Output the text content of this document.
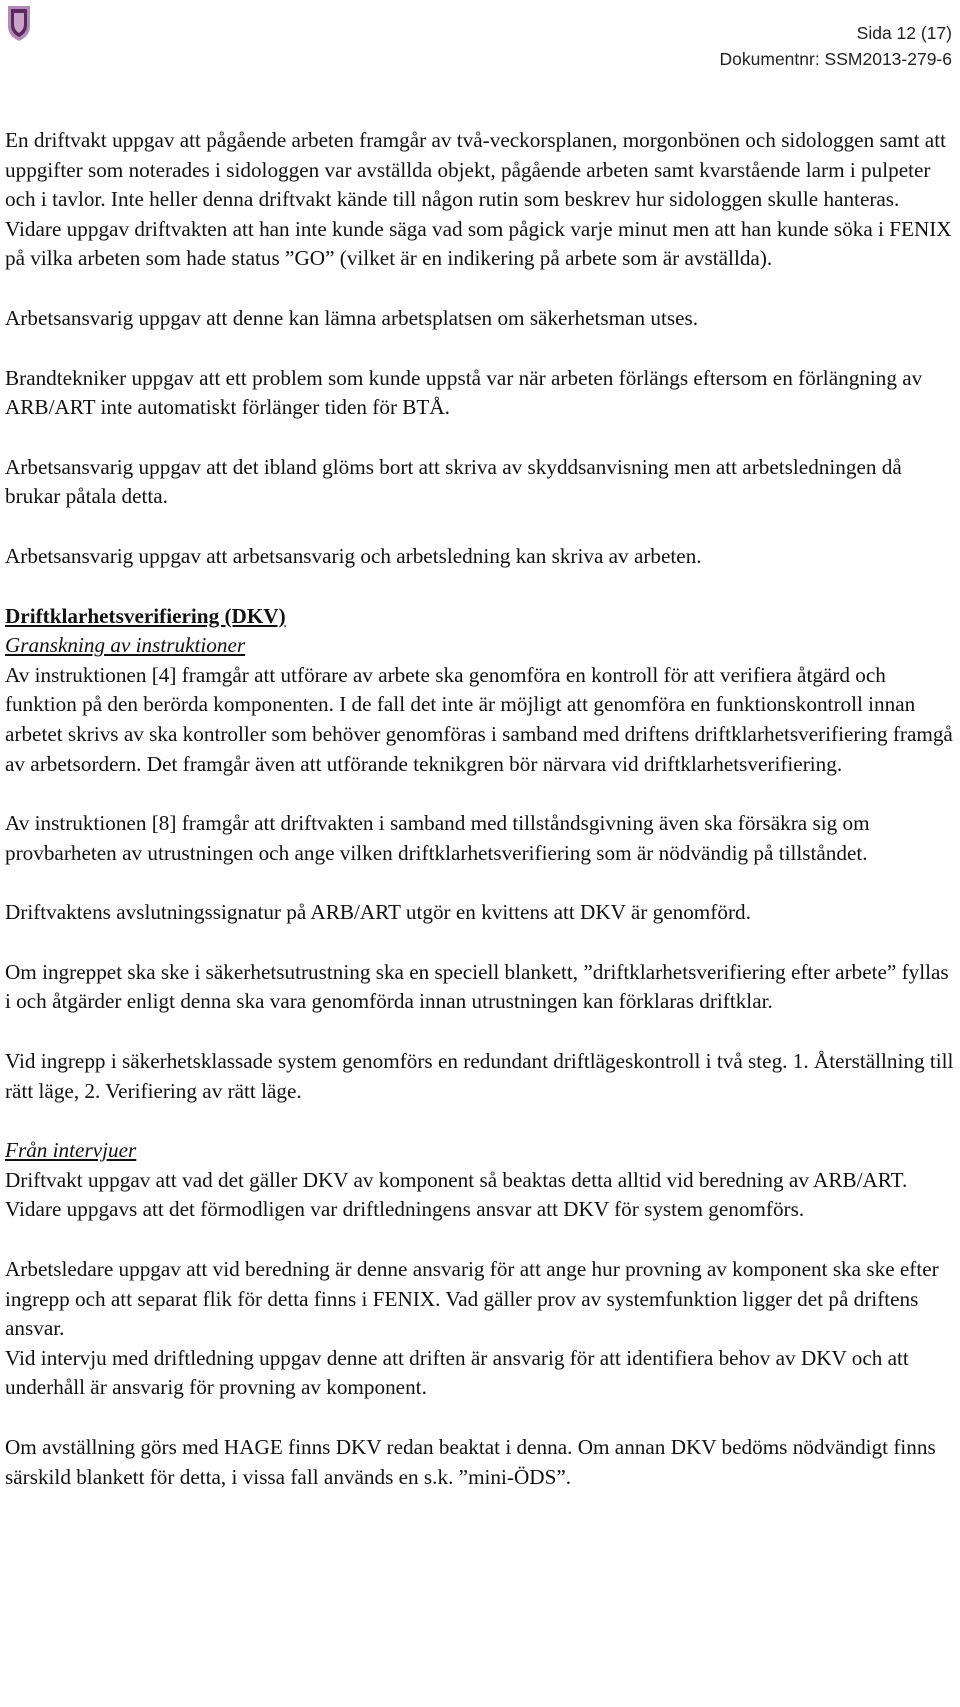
Sida 12 (17)
Dokumentnr: SSM2013-279-6

En driftvakt uppgav att pågående arbeten framgår av två-veckorsplanen, morgonbönen och sidologgen samt att uppgifter som noterades i sidologgen var avställda objekt, pågående arbeten samt kvarstående larm i pulpeter och i tavlor. Inte heller denna driftvakt kände till någon rutin som beskrev hur sidologgen skulle hanteras. Vidare uppgav driftvakten att han inte kunde säga vad som pågick varje minut men att han kunde söka i FENIX på vilka arbeten som hade status ”GO” (vilket är en indikering på arbete som är avställda).

Arbetsansvarig uppgav att denne kan lämna arbetsplatsen om säkerhetsman utses.

Brandtekniker uppgav att ett problem som kunde uppstå var när arbeten förlängs eftersom en förlängning av ARB/ART inte automatiskt förlänger tiden för BTÅ.

Arbetsansvarig uppgav att det ibland glöms bort att skriva av skyddsanvisning men att arbetsledningen då brukar påtala detta.

Arbetsansvarig uppgav att arbetsansvarig och arbetsledning kan skriva av arbeten.

Driftklarhetsverifiering (DKV)
Granskning av instruktioner

Av instruktionen [4] framgår att utförare av arbete ska genomföra en kontroll för att verifiera åtgärd och funktion på den berörda komponenten. I de fall det inte är möjligt att genomföra en funktionskontroll innan arbetet skrivs av ska kontroller som behöver genomföras i samband med driftens driftklarhetsverifiering framgå av arbetsordern. Det framgår även att utförande teknikgren bör närvara vid driftklarhetsverifiering.

Av instruktionen [8] framgår att driftvakten i samband med tillståndsgivning även ska försäkra sig om provbarheten av utrustningen och ange vilken driftklarhetsverifiering som är nödvändig på tillståndet.

Driftvaktens avslutningssignatur på ARB/ART utgör en kvittens att DKV är genomförd.

Om ingreppet ska ske i säkerhetsutrustning ska en speciell blankett, ”driftklarhetsverifiering efter arbete” fyllas i och åtgärder enligt denna ska vara genomförda innan utrustningen kan förklaras driftklar.

Vid ingrepp i säkerhetsklassade system genomförs en redundant driftlägeskontroll i två steg. 1. Återställning till rätt läge, 2. Verifiering av rätt läge.

Från intervjuer

Driftvakt uppgav att vad det gäller DKV av komponent så beaktas detta alltid vid beredning av ARB/ART. Vidare uppgavs att det förmodligen var driftledningens ansvar att DKV för system genomförs.

Arbetsledare uppgav att vid beredning är denne ansvarig för att ange hur provning av komponent ska ske efter ingrepp och att separat flik för detta finns i FENIX. Vad gäller prov av systemfunktion ligger det på driftens ansvar.

Vid intervju med driftledning uppgav denne att driften är ansvarig för att identifiera behov av DKV och att underhåll är ansvarig för provning av komponent.

Om avställning görs med HAGE finns DKV redan beaktat i denna. Om annan DKV bedöms nödvändigt finns särskild blankett för detta, i vissa fall används en s.k. ”mini-ÖDS”.
